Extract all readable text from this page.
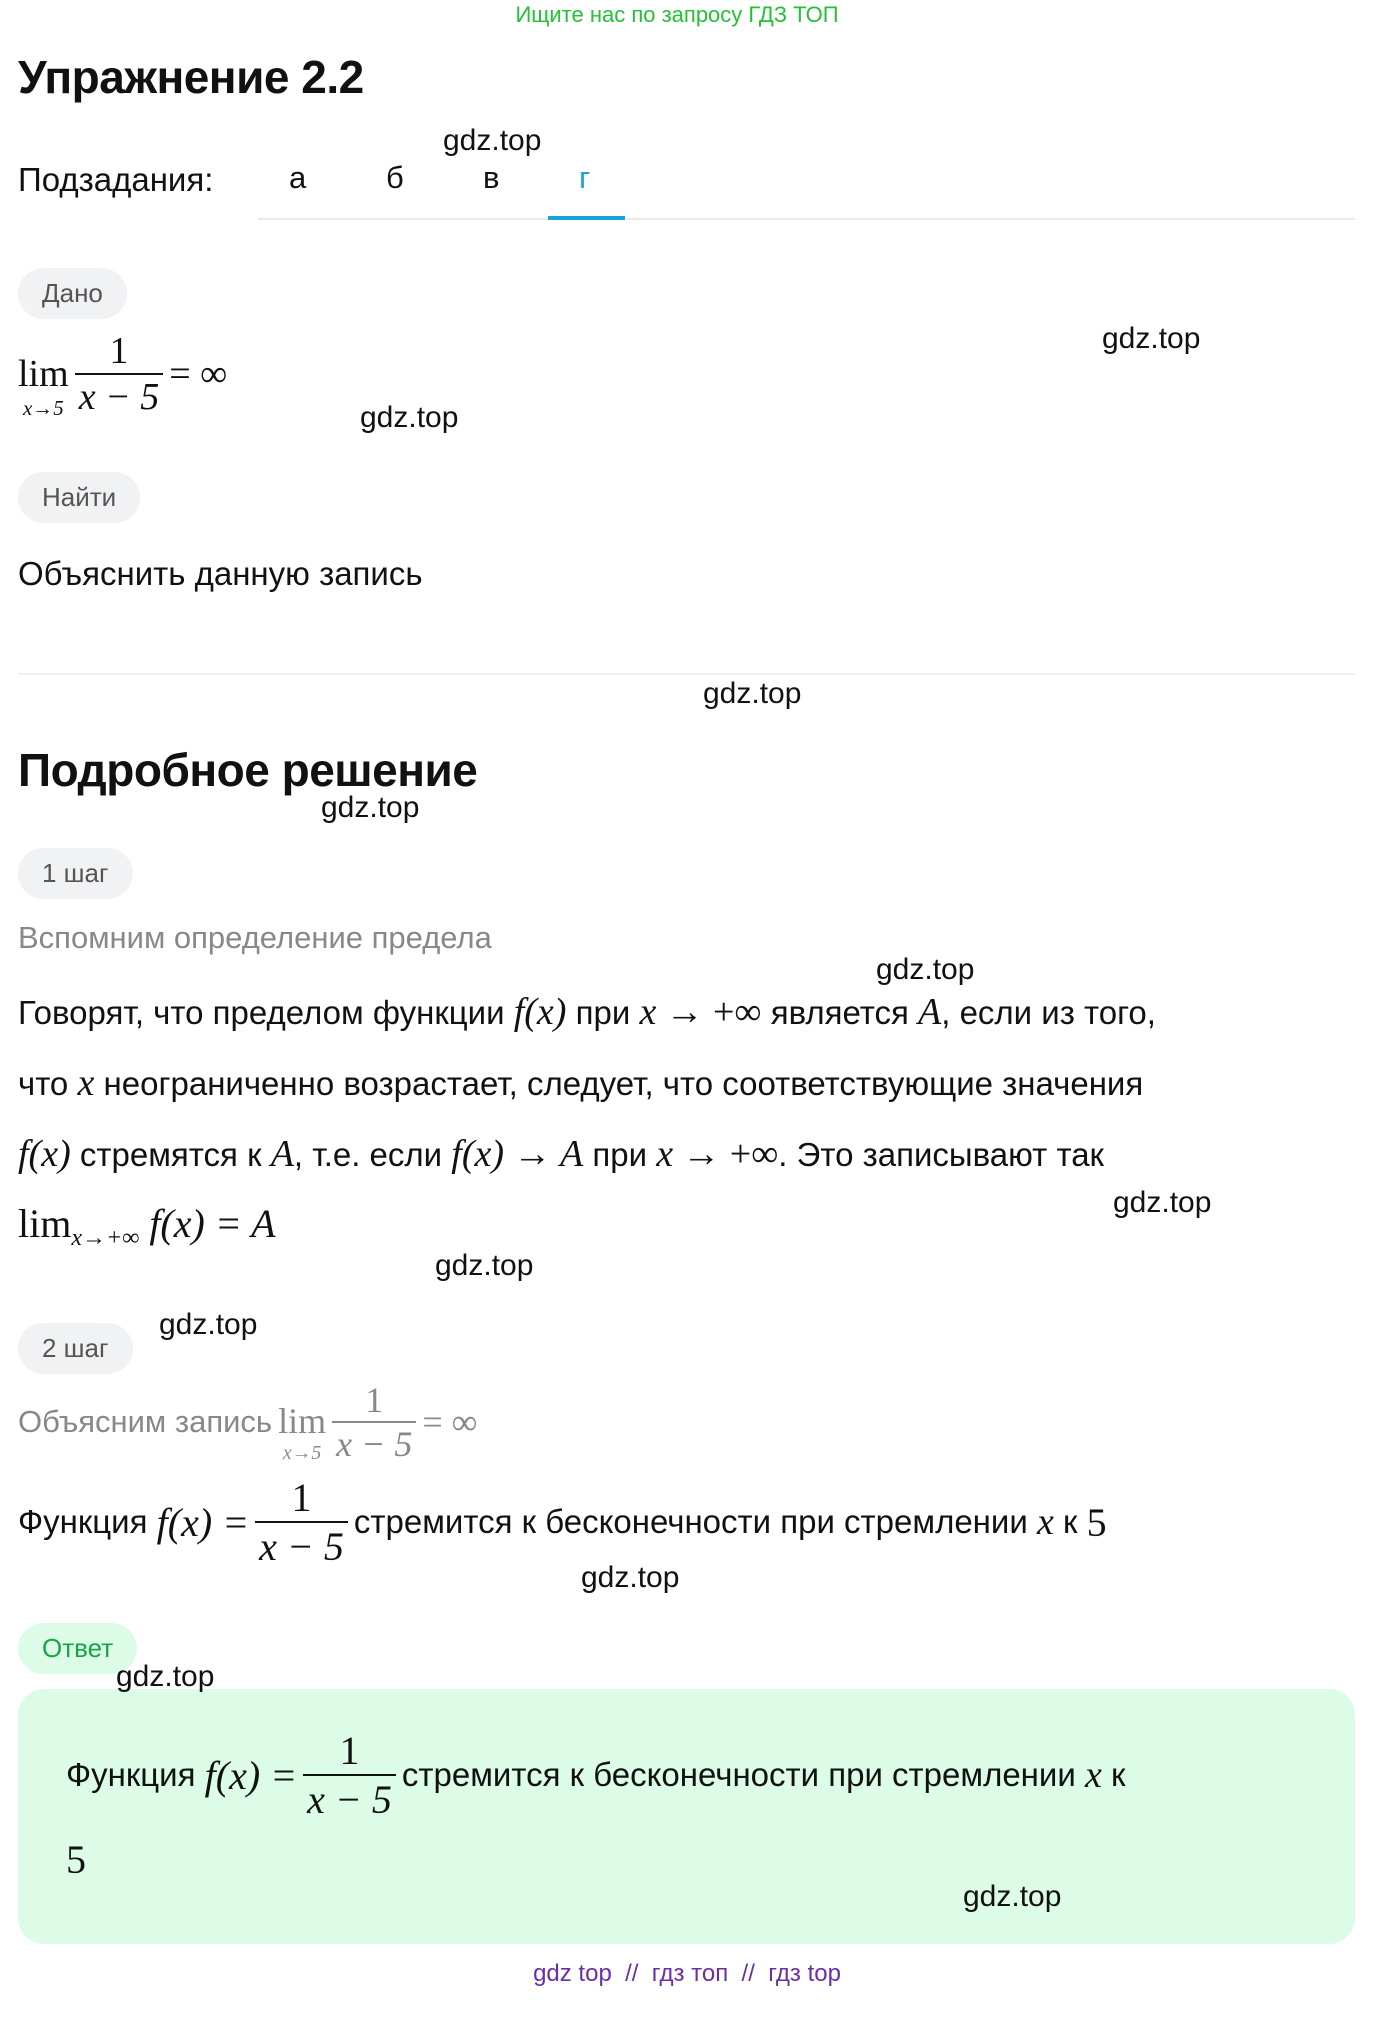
Ищите нас по запросу ГДЗ ТОП
Упражнение 2.2
Подзадания: а	б	в	г
Дано
lim
$x\to 5 \frac{1}{x - 5}$ = ∞
Найти
Объяснить данную запись
Подробное решение
1 шаг
Вспомним определение предела
Говорят, что пределом функции f(x) при x → +∞ является A, если из того,
что x неограниченно возрастает, следует, что соответствующие значения
f(x) стремятся к A, т.е. если f(x) → A при x → +∞. Это записывают так
$\lim_{x\to+\infty} f(x) = A$
2 шаг
Объясним запись lim
$x\to 5 \frac{1}{x - 5}$ = ∞
Функция
$f(x) = \frac{1}{x - 5}$ стремится к бесконечности при стремлении
x
к
5
Ответ
Функция
$f(x) = \frac{1}{x - 5}$ стремится к бесконечности при стремлении
x
к
5
gdz.top
gdz.top
gdz.top
gdz.top
gdz.top
gdz.top
gdz.top
gdz.top
gdz.top
gdz.top
gdz.top
gdz.top
gdz top  //  гдз топ  //  гдз top
